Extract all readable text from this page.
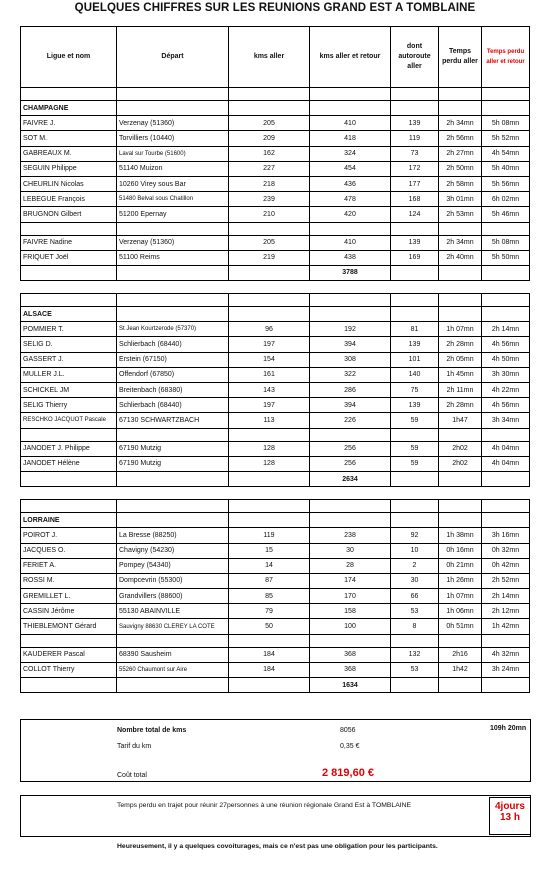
QUELQUES CHIFFRES SUR LES REUNIONS GRAND EST A TOMBLAINE
Ligue et nom	Départ	kms aller	kms aller et retour	dont autoroute aller	Temps perdu aller	Temps perdu aller et retour

CHAMPAGNE						
FAIVRE J.	Verzenay (51360)	205	410	139	2h 34mn	5h 08mn
SOT M.	Torvilliers (10440)	209	418	119	2h 56mn	5h 52mn
GABREAUX M.	Laval sur Tourbe (51600)	162	324	73	2h 27mn	4h 54mn
SEGUIN Philippe	51140 Muizon	227	454	172	2h 50mn	5h 40mn
CHEURLIN Nicolas	10260 Virey sous Bar	218	436	177	2h 58mn	5h 56mn
LEBEGUE François	51480 Belval sous Chatillon	239	478	168	3h 01mn	6h 02mn
BRUGNON Gilbert	51200 Epernay	210	420	124	2h 53mn	5h 46mn

FAIVRE Nadine	Verzenay (51360)	205	410	139	2h 34mn	5h 08mn
FRIQUET Joël	51100 Reims	219	438	169	2h 40mn	5h 50mn
			3788			

ALSACE						
POMMIER T.	St Jean Kourtzerode (57370)	96	192	81	1h 07mn	2h 14mn
SELIG D.	Schlierbach (68440)	197	394	139	2h 28mn	4h 56mn
GASSERT J.	Erstein (67150)	154	308	101	2h 05mn	4h 50mn
MULLER J.L.	Offendorf (67850)	161	322	140	1h 45mn	3h 30mn
SCHICKEL JM	Breitenbach (68380)	143	286	75	2h 11mn	4h 22mn
SELIG Thierry	Schlierbach (68440)	197	394	139	2h 28mn	4h 56mn
RESCHKO JACQUOT Pascale	67130 SCHWARTZBACH	113	226	59	1h47	3h 34mn

JANODET J. Philippe	67190 Mutzig	128	256	59	2h02	4h 04mn
JANODET Hélène	67190 Mutzig	128	256	59	2h02	4h 04mn
			2634			

LORRAINE						
POIROT J.	La Bresse (88250)	119	238	92	1h 38mn	3h 16mn
JACQUES O.	Chavigny (54230)	15	30	10	0h 16mn	0h 32mn
FERIET A.	Pompey (54340)	14	28	2	0h 21mn	0h 42mn
ROSSI M.	Dompcevrin (55300)	87	174	30	1h 26mn	2h 52mn
GREMILLET L.	Grandvillers (88600)	85	170	66	1h 07mn	2h 14mn
CASSIN Jérôme	55130 ABAINVILLE	79	158	53	1h 06mn	2h 12mn
THIEBLEMONT Gérard	Sauvigny 88630 CLEREY LA COTE	50	100	8	0h 51mn	1h 42mn

KAUDERER Pascal	68390 Sausheim	184	368	132	2h16	4h 32mn
COLLOT Thierry	55260 Chaumont sur Aire	184	368	53	1h42	3h 24mn
			1634			
Nombre total de kms	8056	109h 20mn
Tarif du km	0,35 €
Coût total	2 819,60 €
Temps perdu en trajet pour réunir 27personnes à une réunion régionale Grand Est à TOMBLAINE	4jours
13 h
Heureusement, il y a quelques covoiturages, mais ce n'est pas une obligation pour les participants.
